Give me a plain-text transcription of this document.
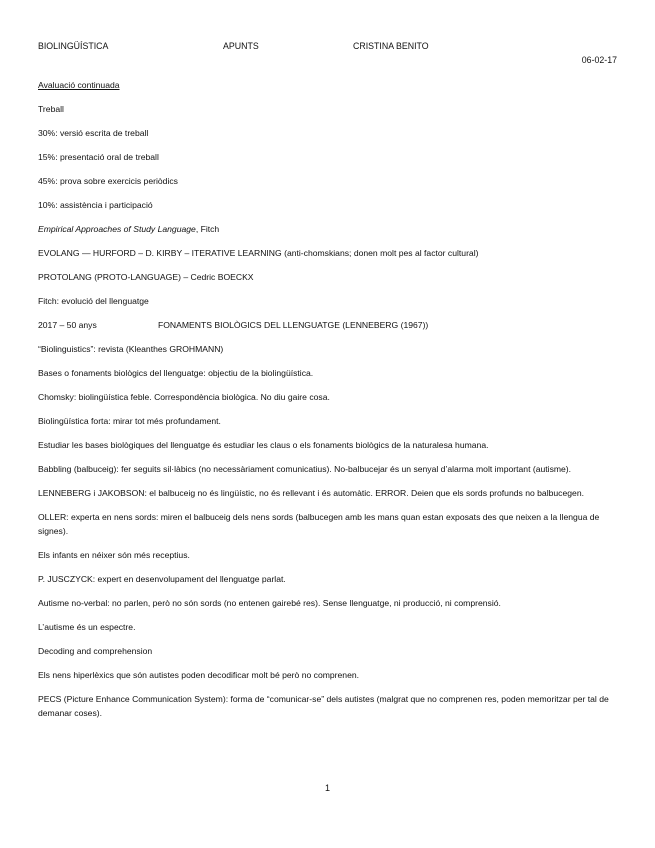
BIOLINGÜÍSTICA	APUNTS	CRISTINA BENITO
06-02-17

Avaluació continuada

Treball

30%: versió escrita de treball

15%: presentació oral de treball

45%: prova sobre exercicis periòdics

10%: assistència i participació

Empirical Approaches of Study Language, Fitch

EVOLANG — HURFORD – D. KIRBY – ITERATIVE LEARNING (anti-chomskians; donen molt pes al factor cultural)

PROTOLANG (PROTO-LANGUAGE) – Cedric BOECKX

Fitch: evolució del llenguatge

2017 – 50 anys	FONAMENTS BIOLÒGICS DEL LLENGUATGE (LENNEBERG (1967))

“Biolinguistics”: revista (Kleanthes GROHMANN)

Bases o fonaments biològics del llenguatge: objectiu de la biolingüística.

Chomsky: biolingüística feble. Correspondència biològica. No diu gaire cosa.

Biolingüística forta: mirar tot més profundament.

Estudiar les bases biològiques del llenguatge és estudiar les claus o els fonaments biològics de la naturalesa humana.

Babbling (balbuceig): fer seguits sil·làbics (no necessàriament comunicatius). No-balbucejar és un senyal d’alarma molt important (autisme).

LENNEBERG i JAKOBSON: el balbuceig no és lingüístic, no és rellevant i és automàtic. ERROR. Deien que els sords profunds no balbucegen.

OLLER: experta en nens sords: miren el balbuceig dels nens sords (balbucegen amb les mans quan estan exposats des que neixen a la llengua de signes).

Els infants en néixer són més receptius.

P. JUSCZYCK: expert en desenvolupament del llenguatge parlat.

Autisme no-verbal: no parlen, però no són sords (no entenen gairebé res). Sense llenguatge, ni producció, ni comprensió.

L’autisme és un espectre.

Decoding and comprehension

Els nens hiperlèxics que són autistes poden decodificar molt bé però no comprenen.

PECS (Picture Enhance Communication System): forma de “comunicar-se” dels autistes (malgrat que no comprenen res, poden memoritzar per tal de demanar coses).

1
